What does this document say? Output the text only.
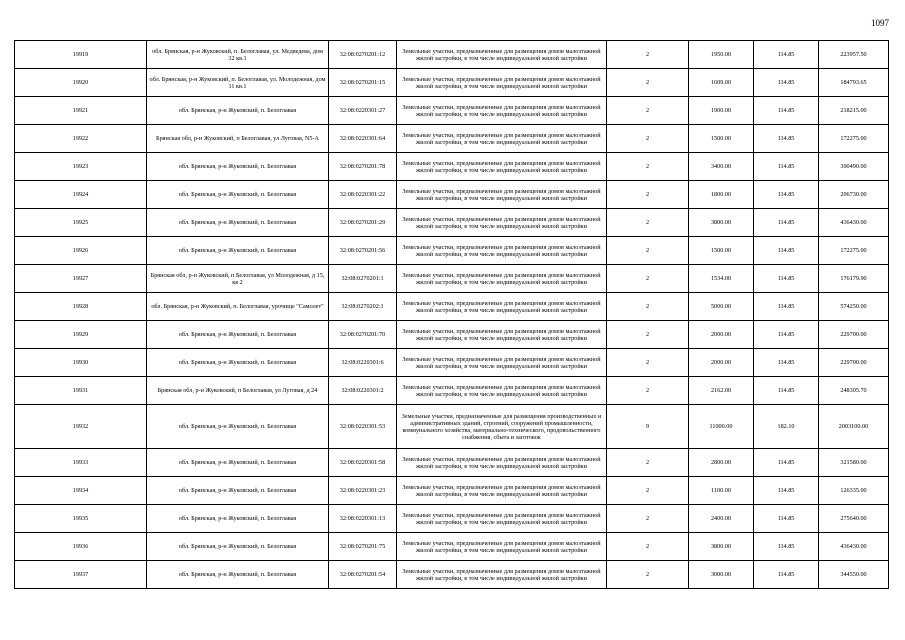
1097
19919	обл. Брянская, р-н Жуковский, п. Белоглавая, ул. Медведева, дом 32 кв.1	32:08:0270201:12	Земельные участки, предназначенные для размещения домов малоэтажной жилой застройки, в том числе индивидуальной жилой застройки	2	1950.00	114.85	223957.50
19920	обл. Брянская, р-н Жуковский, п. Белоглавая, ул. Молодежная, дом 11 кв.1	32:08:0270201:15	Земельные участки, предназначенные для размещения домов малоэтажной жилой застройки, в том числе индивидуальной жилой застройки	2	1609.00	114.85	184793.65
19921	обл. Брянская, р-н Жуковский, п. Белоглавая	32:08:0220301:27	Земельные участки, предназначенные для размещения домов малоэтажной жилой застройки, в том числе индивидуальной жилой застройки	2	1900.00	114.85	218215.00
19922	Брянская обл, р-н Жуковский, п Белоглавая, ул Луговая, N5-А	32:08:0220301:64	Земельные участки, предназначенные для размещения домов малоэтажной жилой застройки, в том числе индивидуальной жилой застройки	2	1500.00	114.85	172275.00
19923	обл. Брянская, р-н Жуковский, п. Белоглавая	32:08:0270201:78	Земельные участки, предназначенные для размещения домов малоэтажной жилой застройки, в том числе индивидуальной жилой застройки	2	3400.00	114.85	390490.00
19924	обл. Брянская, р-н Жуковский, п. Белоглавая	32:08:0220301:22	Земельные участки, предназначенные для размещения домов малоэтажной жилой застройки, в том числе индивидуальной жилой застройки	2	1800.00	114.85	206730.00
19925	обл. Брянская, р-н Жуковский, п. Белоглавая	32:08:0270201:29	Земельные участки, предназначенные для размещения домов малоэтажной жилой застройки, в том числе индивидуальной жилой застройки	2	3800.00	114.85	436430.00
19926	обл. Брянская, р-н Жуковский, п. Белоглавая	32:08:0270201:56	Земельные участки, предназначенные для размещения домов малоэтажной жилой застройки, в том числе индивидуальной жилой застройки	2	1500.00	114.85	172275.00
19927	Брянская обл, р-н Жуковский, п Белоглавая, ул Молодежная, д 15, кв 2	32:08:0270201:1	Земельные участки, предназначенные для размещения домов малоэтажной жилой застройки, в том числе индивидуальной жилой застройки	2	1534.00	114.85	176179.90
19928	обл. Брянская, р-н Жуковский, п. Белоглавая, урочище "Самолет"	32:08:0270202:1	Земельные участки, предназначенные для размещения домов малоэтажной жилой застройки, в том числе индивидуальной жилой застройки	2	5000.00	114.85	574250.00
19929	обл. Брянская, р-н Жуковский, п. Белоглавая	32:08:0270201:70	Земельные участки, предназначенные для размещения домов малоэтажной жилой застройки, в том числе индивидуальной жилой застройки	2	2000.00	114.85	229700.00
19930	обл. Брянская, р-н Жуковский, п. Белоглавая	32:08:0220301:6	Земельные участки, предназначенные для размещения домов малоэтажной жилой застройки, в том числе индивидуальной жилой застройки	2	2000.00	114.85	229700.00
19931	Брянская обл, р-н Жуковский, п Белоглавая, ул Луговая, д 24	32:08:0220301:2	Земельные участки, предназначенные для размещения домов малоэтажной жилой застройки, в том числе индивидуальной жилой застройки	2	2162.00	114.85	248305.70
19932	обл. Брянская, р-н Жуковский, п. Белоглавая	32:08:0220301:53	Земельные участки, предназначенные для размещения производственных и административных зданий, строений, сооружений промышленности, коммунального хозяйства, материально-технического, продовольственного снабжения, сбыта и заготовок	9	11000.00	182.10	2003100.00
19933	обл. Брянская, р-н Жуковский, п. Белоглавая	32:08:0220301:58	Земельные участки, предназначенные для размещения домов малоэтажной жилой застройки, в том числе индивидуальной жилой застройки	2	2800.00	114.85	321580.00
19934	обл. Брянская, р-н Жуковский, п. Белоглавая	32:08:0220301:23	Земельные участки, предназначенные для размещения домов малоэтажной жилой застройки, в том числе индивидуальной жилой застройки	2	1100.00	114.85	126335.00
19935	обл. Брянская, р-н Жуковский, п. Белоглавая	32:08:0220301:13	Земельные участки, предназначенные для размещения домов малоэтажной жилой застройки, в том числе индивидуальной жилой застройки	2	2400.00	114.85	275640.00
19936	обл. Брянская, р-н Жуковский, п. Белоглавая	32:08:0270201:75	Земельные участки, предназначенные для размещения домов малоэтажной жилой застройки, в том числе индивидуальной жилой застройки	2	3800.00	114.85	436430.00
19937	обл. Брянская, р-н Жуковский, п. Белоглавая	32:08:0270201:54	Земельные участки, предназначенные для размещения домов малоэтажной жилой застройки, в том числе индивидуальной жилой застройки	2	3000.00	114.85	344550.00
